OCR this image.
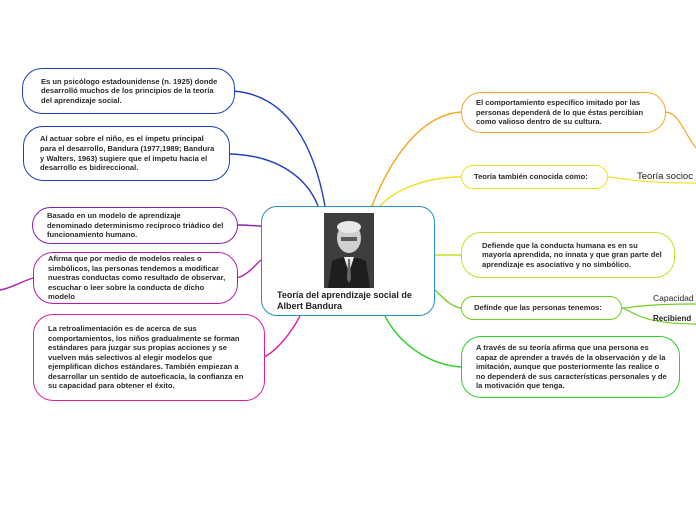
Es un psicólogo estadounidense (n. 1925) donde desarrolló muchos de los principios de la teoría del aprendizaje social.
Al actuar sobre el niño, es el ímpetu principal para el desarrollo, Bandura (1977,1989; Bandura y Walters, 1963) sugiere que el ímpetu hacia el desarrollo es bidireccional.
Basado en un modelo de aprendizaje denominado determinismo recíproco triádico del funcionamiento humano.
Afirma que por medio de modelos reales o simbólicos, las personas tendemos a modificar nuestras conductas como resultado de observar, escuchar o leer sobre la conducta de dicho modelo
La retroalimentación es de acerca de sus comportamientos, los niños gradualmente se forman estándares para juzgar sus propias acciones y se vuelven más selectivos al elegir modelos que ejemplifican dichos estándares. También empiezan a desarrollar un sentido de autoeficacia, la confianza en su capacidad para obtener el éxito.
Teoría del aprendizaje social de Albert Bandura
El comportamiento específico imitado por las personas dependerá de lo que éstas percibían como valioso dentro de su cultura.
Teoría también conocida como:
Defiende que la conducta humana es en su mayoría aprendida, no innata y que gran parte del aprendizaje es asociativo y no simbólico.
Defínde que las personas tenemos:
A través de su teoría afirma que una persona es capaz de aprender a través de la observación y de la imitación, aunque que posteriormente las realice o no dependerá de sus características personales y de la motivación que tenga.
Teoría socioc
Capacidad
Recibiend
